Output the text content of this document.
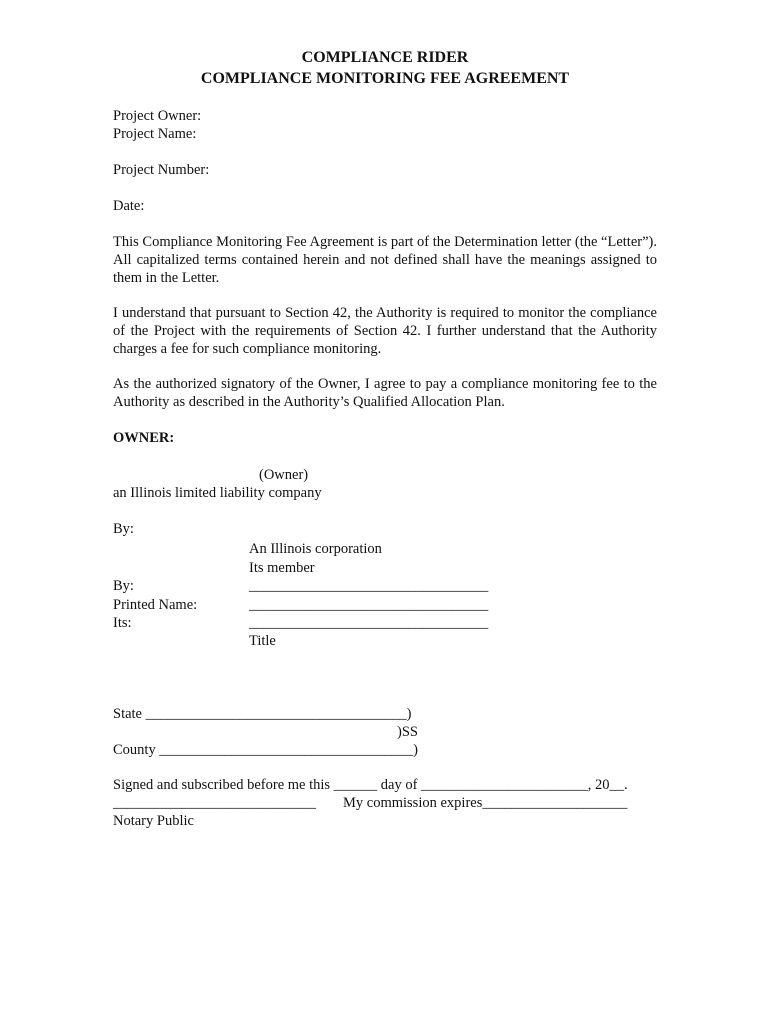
COMPLIANCE RIDER
COMPLIANCE MONITORING FEE AGREEMENT
Project Owner:
Project Name:
Project Number:
Date:
This Compliance Monitoring Fee Agreement is part of the Determination letter (the “Letter”). All capitalized terms contained herein and not defined shall have the meanings assigned to them in the Letter.
I understand that pursuant to Section 42, the Authority is required to monitor the compliance of the Project with the requirements of Section 42. I further understand that the Authority charges a fee for such compliance monitoring.
As the authorized signatory of the Owner, I agree to pay a compliance monitoring fee to the Authority as described in the Authority’s Qualified Allocation Plan.
OWNER:
(Owner)
an Illinois limited liability company
By:
An Illinois corporation
Its member
By:
Printed Name:
Its:
_________________________________
_________________________________
_________________________________
Title
State ____________________________________)
)SS
County ___________________________________)
Signed and subscribed before me this ______ day of _______________________, 20__.
____________________________ My commission expires____________________
Notary Public
